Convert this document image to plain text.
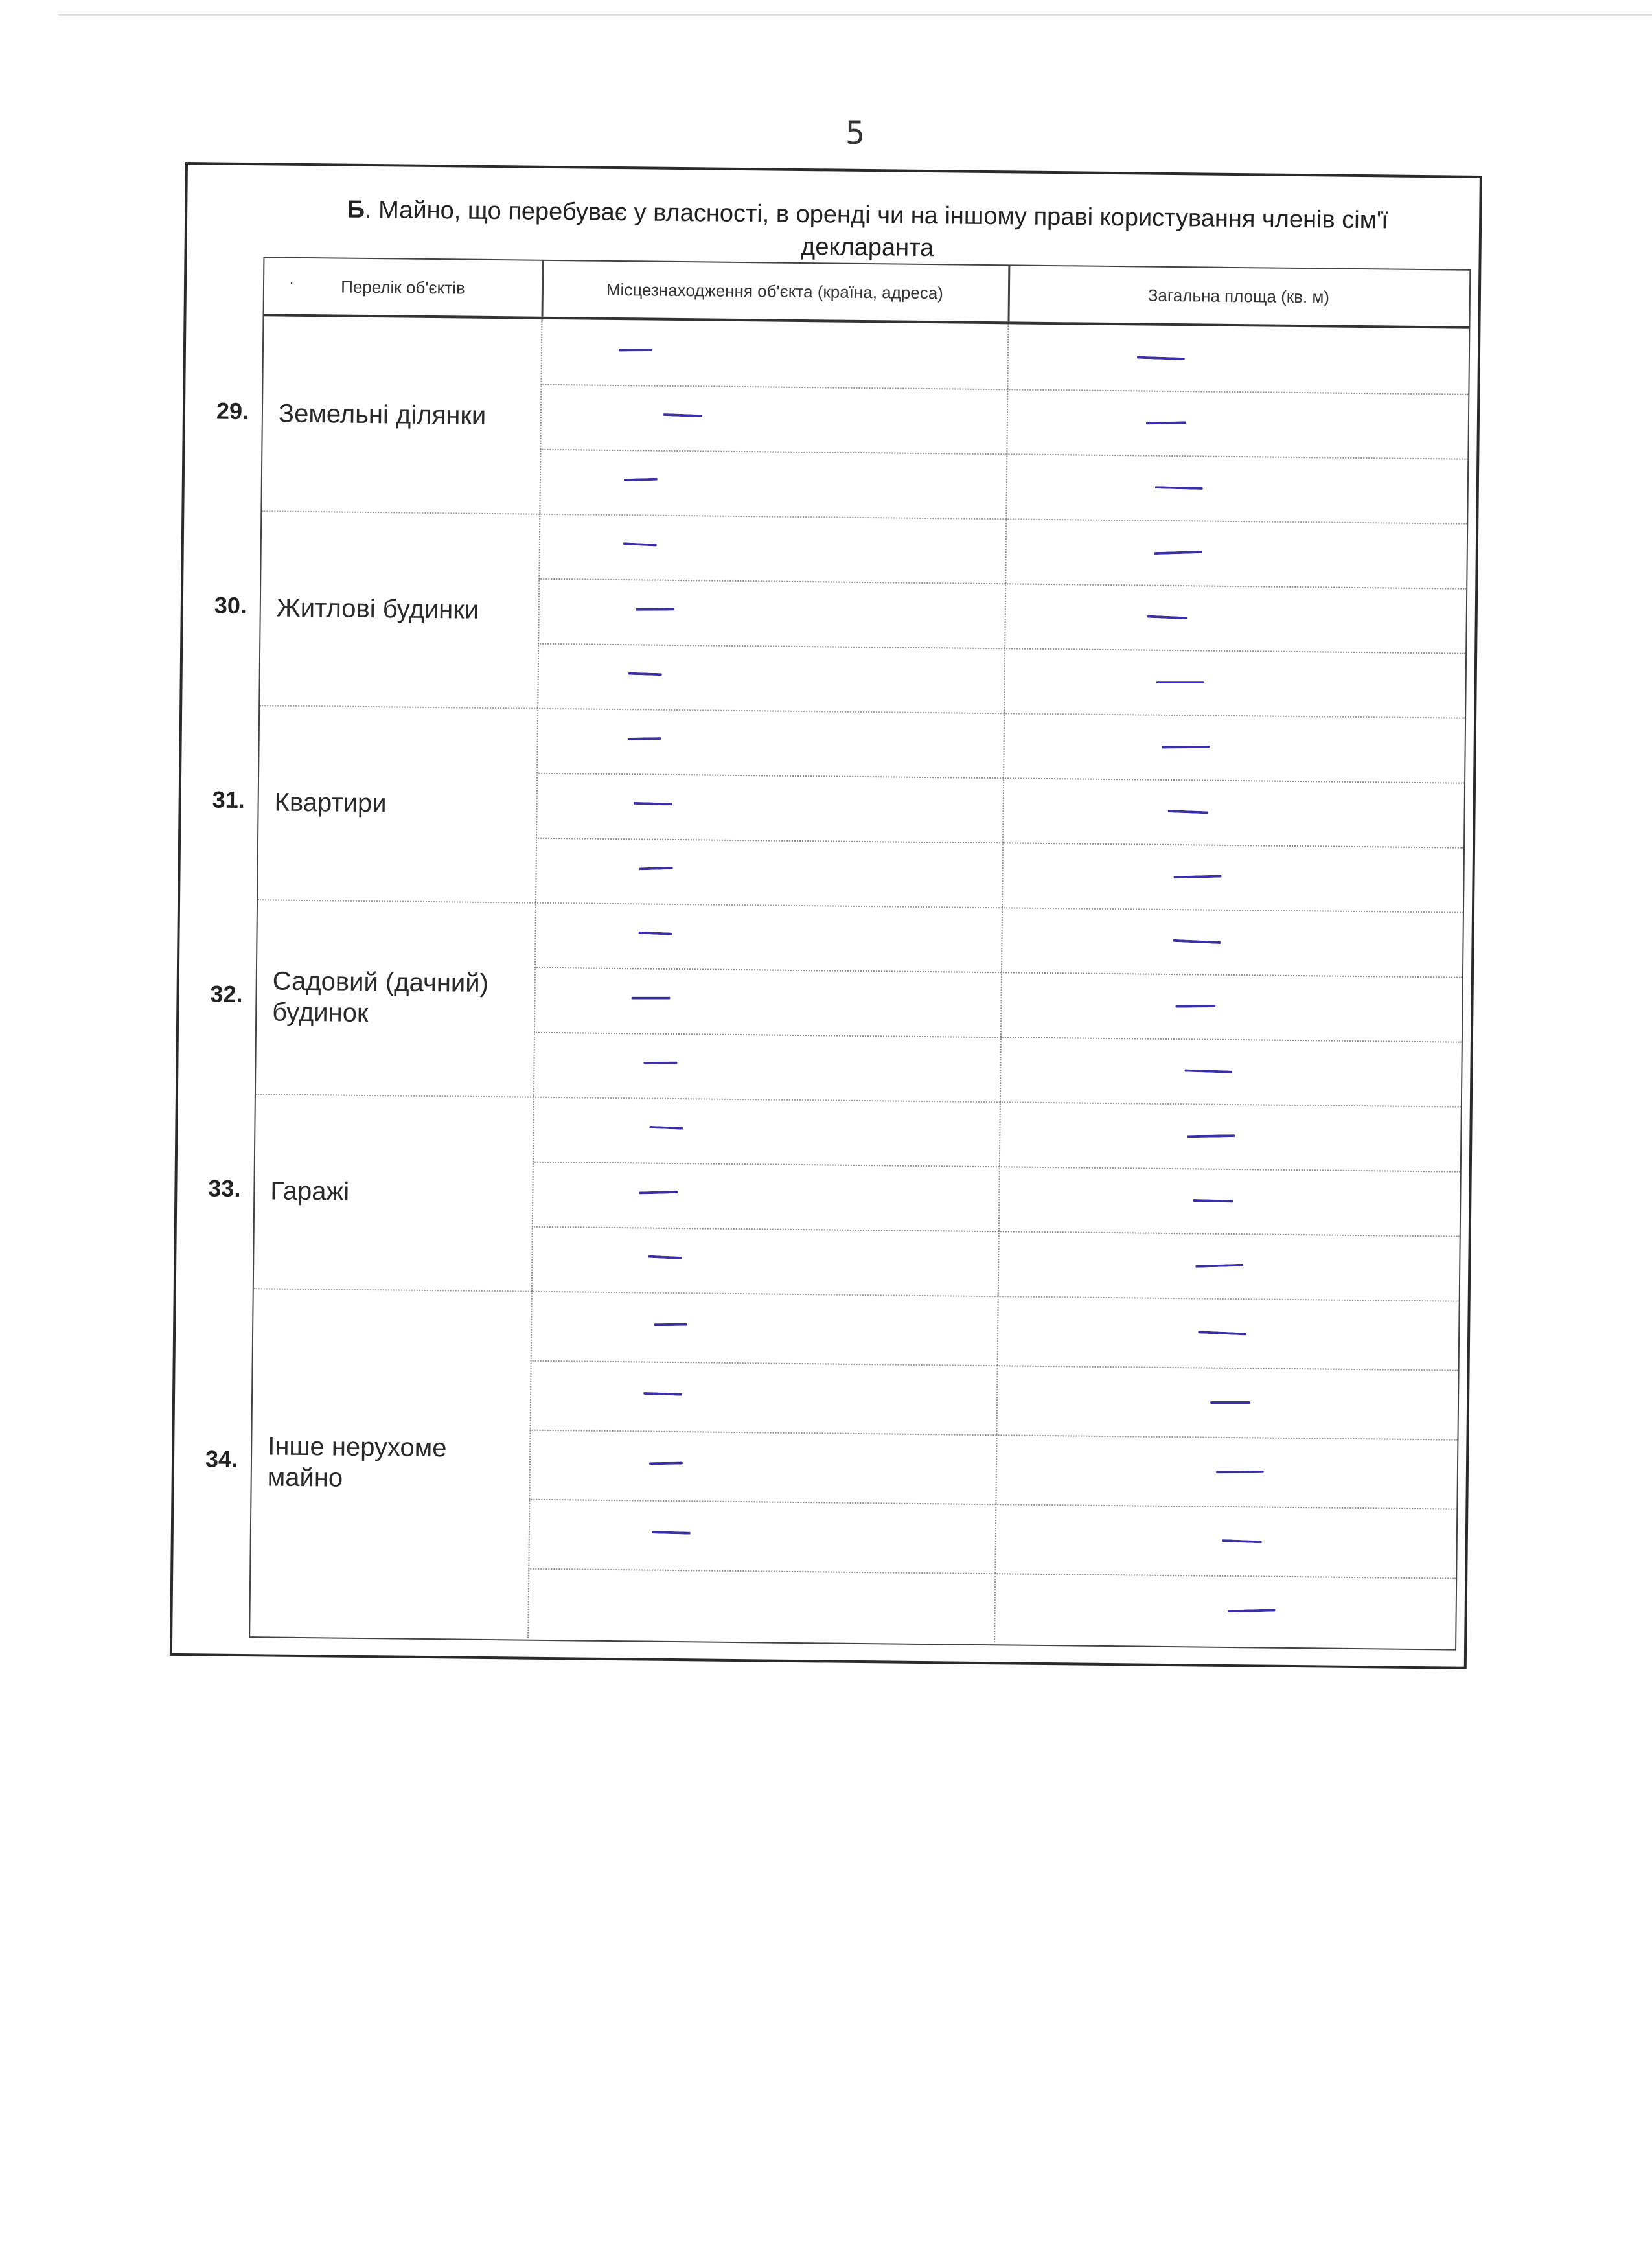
5
Б. Майно, що перебуває у власності, в оренді чи на іншому праві користування членів сім'ї декларанта
·	Перелік об'єктів	Місцезнаходження об'єкта (країна, адреса)	Загальна площа (кв. м)
29. Земельні ділянки
30. Житлові будинки
31. Квартири
32. Садовий (дачний)
будинок
33. Гаражі
34. Інше нерухоме
майно
